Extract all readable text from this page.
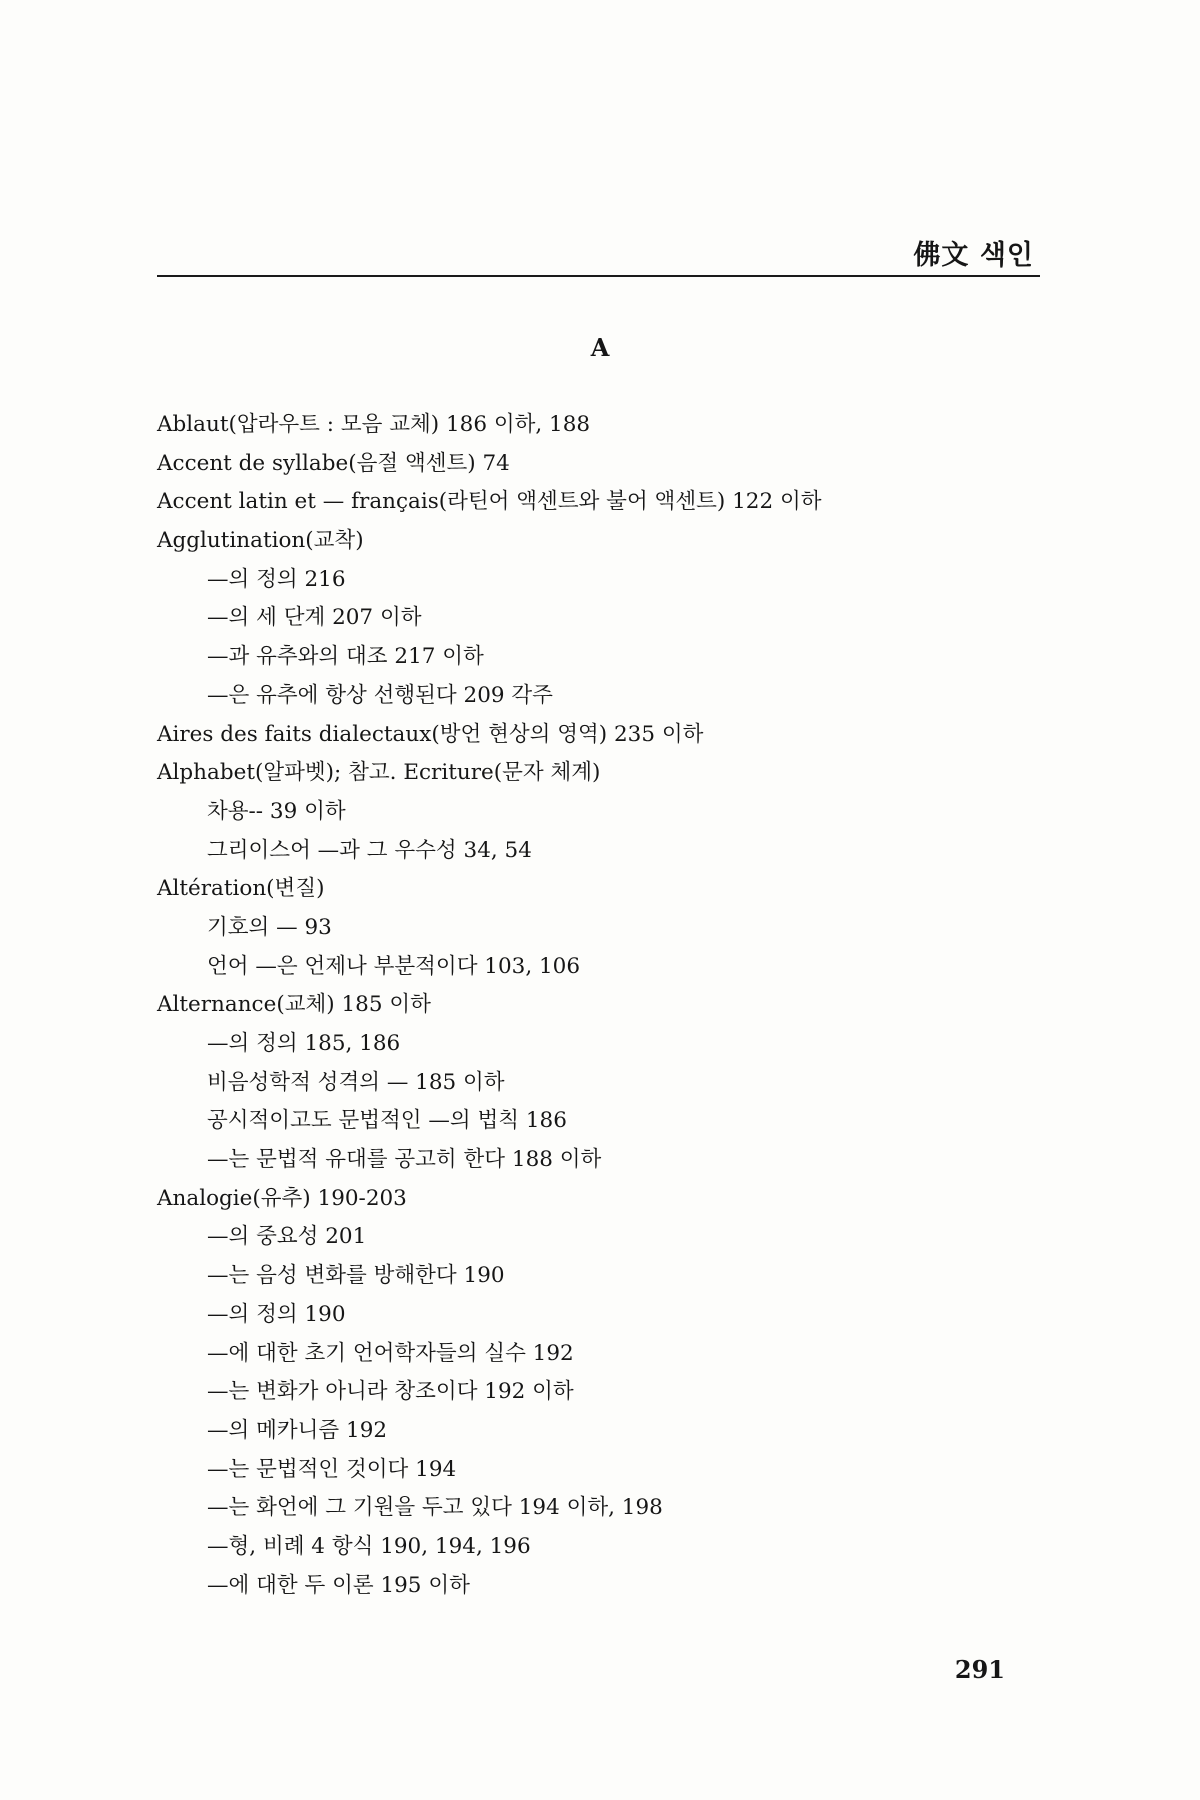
佛文 색인
A
Ablaut(압라우트 : 모음 교체) 186 이하, 188
Accent de syllabe(음절 액센트) 74
Accent latin et — français(라틴어 액센트와 불어 액센트) 122 이하
Agglutination(교착)
—의 정의 216
—의 세 단계 207 이하
—과 유추와의 대조 217 이하
—은 유추에 항상 선행된다 209 각주
Aires des faits dialectaux(방언 현상의 영역) 235 이하
Alphabet(알파벳); 참고. Ecriture(문자 체계)
차용-- 39 이하
그리이스어 —과 그 우수성 34, 54
Altération(변질)
기호의 — 93
언어 —은 언제나 부분적이다 103, 106
Alternance(교체) 185 이하
—의 정의 185, 186
비음성학적 성격의 — 185 이하
공시적이고도 문법적인 —의 법칙 186
—는 문법적 유대를 공고히 한다 188 이하
Analogie(유추) 190-203
—의 중요성 201
—는 음성 변화를 방해한다 190
—의 정의 190
—에 대한 초기 언어학자들의 실수 192
—는 변화가 아니라 창조이다 192 이하
—의 메카니즘 192
—는 문법적인 것이다 194
—는 화언에 그 기원을 두고 있다 194 이하, 198
—형, 비례 4 항식 190, 194, 196
—에 대한 두 이론 195 이하
291
